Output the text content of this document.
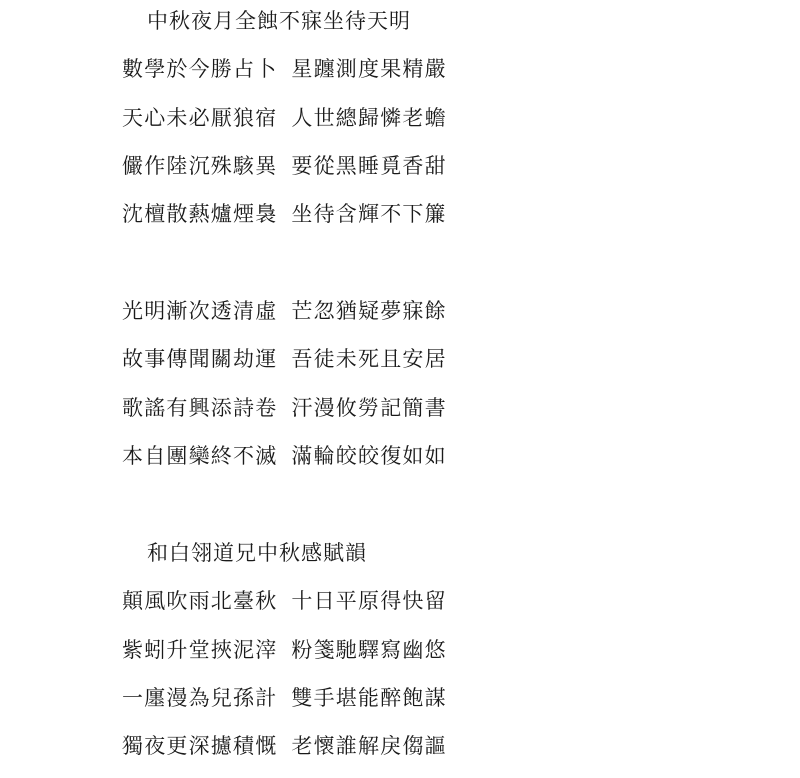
中秋夜月全蝕不寐坐待天明
數學於今勝占卜 星躔測度果精嚴
天心未必厭狼宿 人世總歸憐老蟾
儼作陸沉殊駭異 要從黑睡覓香甜
沈檀散爇爐煙裊 坐待含輝不下簾
光明漸次透清虛 芒忽猶疑夢寐餘
故事傳聞關劫運 吾徒未死且安居
歌謠有興添詩卷 汗漫攸勞記簡書
本自團欒終不滅 滿輪皎皎復如如
和白翎道兄中秋感賦韻
顛風吹雨北臺秋 十日平原得快留
紫蚓升堂挾泥滓 粉箋馳驛寫幽悠
一廛漫為兒孫計 雙手堪能醉飽謀
獨夜更深攄積慨 老懷誰解戾㑳謳
